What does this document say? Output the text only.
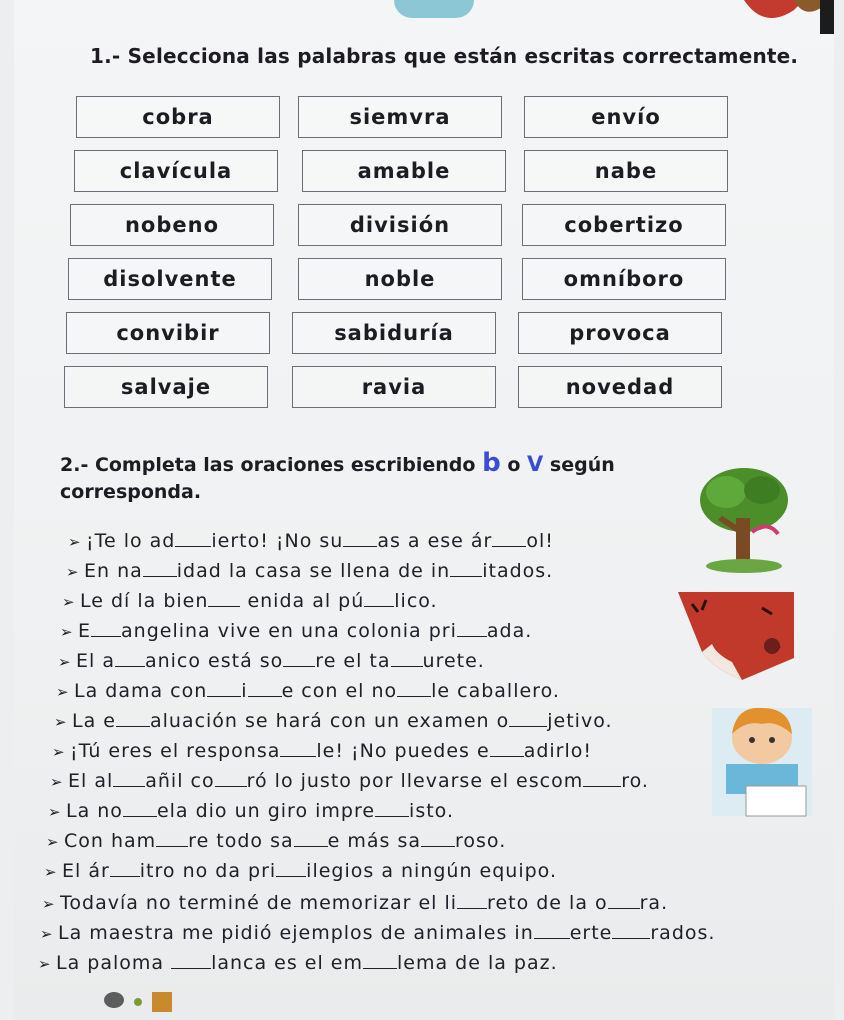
1.- Selecciona las palabras que están escritas correctamente.
cobra	siemvra	envío
clavícula	amable	nabe
nobeno	división	cobertizo
disolvente	noble	omníboro
convibir	sabiduría	provoca
salvaje	ravia	novedad
2.- Completa las oraciones escribiendo b o V según
corresponda.
➢ ¡Te lo ad ierto! ¡No su as a ese ár ol!
➢ En na idad la casa se llena de in itados.
➢ Le dí la bien enida al pú lico.
➢ E angelina vive en una colonia pri ada.
➢ El a anico está so re el ta urete.
➢ La dama con i e con el no le caballero.
➢ La e aluación se hará con un examen o jetivo.
➢ ¡Tú eres el responsa le! ¡No puedes e adirlo!
➢ El al añil co ró lo justo por llevarse el escom ro.
➢ La no ela dio un giro impre isto.
➢ Con ham re todo sa e más sa roso.
➢ El ár itro no da pri ilegios a ningún equipo.
➢ Todavía no terminé de memorizar el li reto de la o ra.
➢ La maestra me pidió ejemplos de animales in erte rados.
➢ La paloma lanca es el em lema de la paz.
